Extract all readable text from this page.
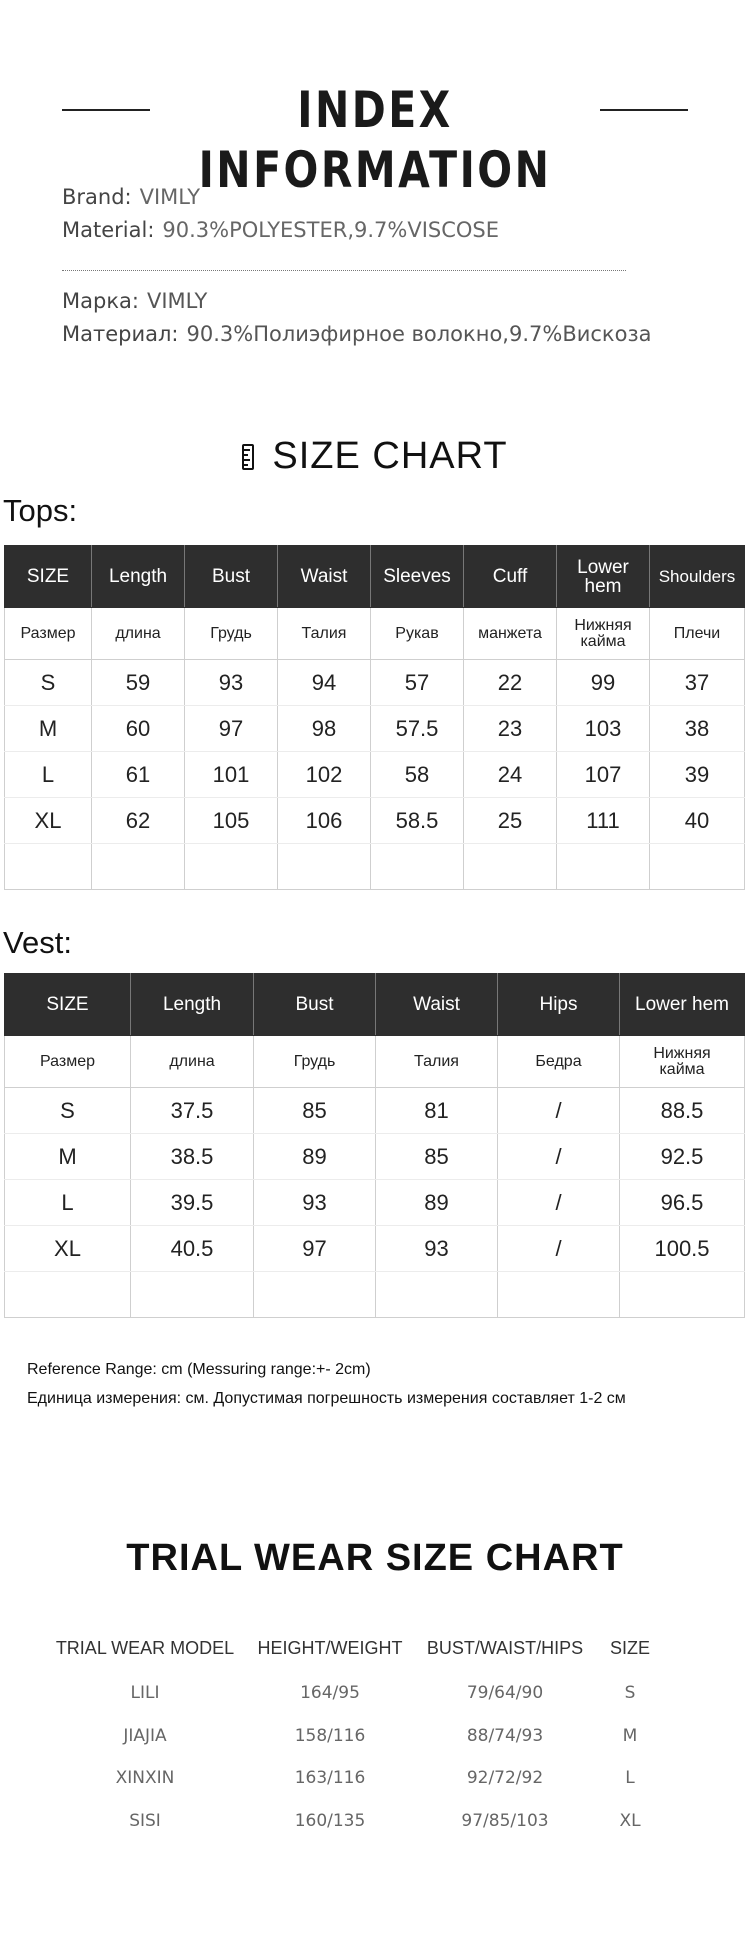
INDEX INFORMATION
Brand: VIMLY
Material: 90.3%POLYESTER,9.7%VISCOSE
Марка: VIMLY
Материал: 90.3%Полиэфирное волокно,9.7%Вискоза
SIZE CHART
Tops:
SIZE	Length	Bust	Waist	Sleeves	Cuff	Lower hem	Shoulders
Размер	длина	Грудь	Талия	Рукав	манжета	Нижняя кайма	Плечи
S	59	93	94	57	22	99	37
M	60	97	98	57.5	23	103	38
L	61	101	102	58	24	107	39
XL	62	105	106	58.5	25	111	40

Vest:
SIZE	Length	Bust	Waist	Hips	Lower hem
Размер	длина	Грудь	Талия	Бедра	Нижняя кайма
S	37.5	85	81	/	88.5
M	38.5	89	85	/	92.5
L	39.5	93	89	/	96.5
XL	40.5	97	93	/	100.5

Reference Range: cm (Messuring range:+- 2cm)
Единица измерения: см. Допустимая погрешность измерения составляет 1-2 см
TRIAL WEAR SIZE CHART
TRIAL WEAR MODEL	HEIGHT/WEIGHT	BUST/WAIST/HIPS	SIZE
LILI	164/95	79/64/90	S
JIAJIA	158/116	88/74/93	M
XINXIN	163/116	92/72/92	L
SISI	160/135	97/85/103	XL
